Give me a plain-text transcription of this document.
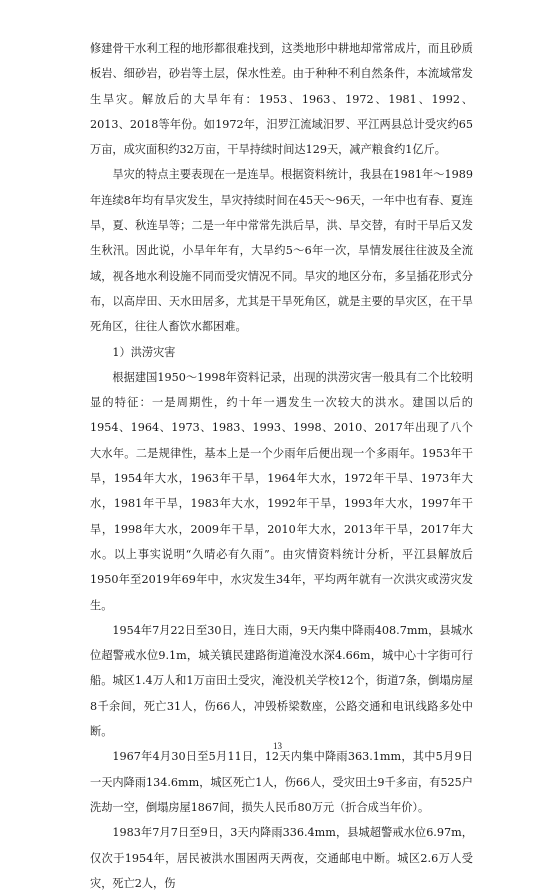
修建骨干水利工程的地形都很难找到，这类地形中耕地却常常成片，而且砂质板岩、细砂岩，砂岩等土层，保水性差。由于种种不利自然条件，本流域常发生旱灾。解放后的大旱年有：1953、1963、1972、1981、1992、2013、2018等年份。如1972年，汨罗江流域汨罗、平江两县总计受灾约65万亩，成灾面积约32万亩，干旱持续时间达129天，减产粮食约1亿斤。

旱灾的特点主要表现在一是连旱。根据资料统计，我县在1981年～1989年连续8年均有旱灾发生，旱灾持续时间在45天～96天，一年中也有春、夏连旱，夏、秋连旱等；二是一年中常常先洪后旱，洪、旱交替，有时干旱后又发生秋汛。因此说，小旱年年有，大旱约5～6年一次，旱情发展往往波及全流域，视各地水利设施不同而受灾情况不同。旱灾的地区分布，多呈插花形式分布，以高岸田、天水田居多，尤其是干旱死角区，就是主要的旱灾区，在干旱死角区，往往人畜饮水都困难。

1）洪涝灾害

根据建国1950～1998年资料记录，出现的洪涝灾害一般具有二个比较明显的特征：一是周期性，约十年一遇发生一次较大的洪水。建国以后的1954、1964、1973、1983、1993、1998、2010、2017年出现了八个大水年。二是规律性，基本上是一个少雨年后便出现一个多雨年。1953年干旱，1954年大水，1963年干旱，1964年大水，1972年干旱、1973年大水，1981年干旱，1983年大水，1992年干旱，1993年大水，1997年干旱，1998年大水，2009年干旱，2010年大水，2013年干旱，2017年大水。以上事实说明“久晴必有久雨”。由灾情资料统计分析，平江县解放后1950年至2019年69年中，水灾发生34年，平均两年就有一次洪灾或涝灾发生。

1954年7月22日至30日，连日大雨，9天内集中降雨408.7mm，县城水位超警戒水位9.1m，城关镇民建路街道淹没水深4.66m，城中心十字街可行船。城区1.4万人和1万亩田土受灾，淹没机关学校12个，街道7条，倒塌房屋8千余间，死亡31人，伤66人，冲毁桥梁数座，公路交通和电讯线路多处中断。

1967年4月30日至5月11日，12天内集中降雨363.1mm，其中5月9日一天内降雨134.6mm，城区死亡1人，伤66人，受灾田土9千多亩，有525户洗劫一空，倒塌房屋1867间，损失人民币80万元（折合成当年价）。

1983年7月7日至9日，3天内降雨336.4mm，县城超警戒水位6.97m，仅次于1954年，居民被洪水围困两天两夜，交通邮电中断。城区2.6万人受灾，死亡2人，伤

13
